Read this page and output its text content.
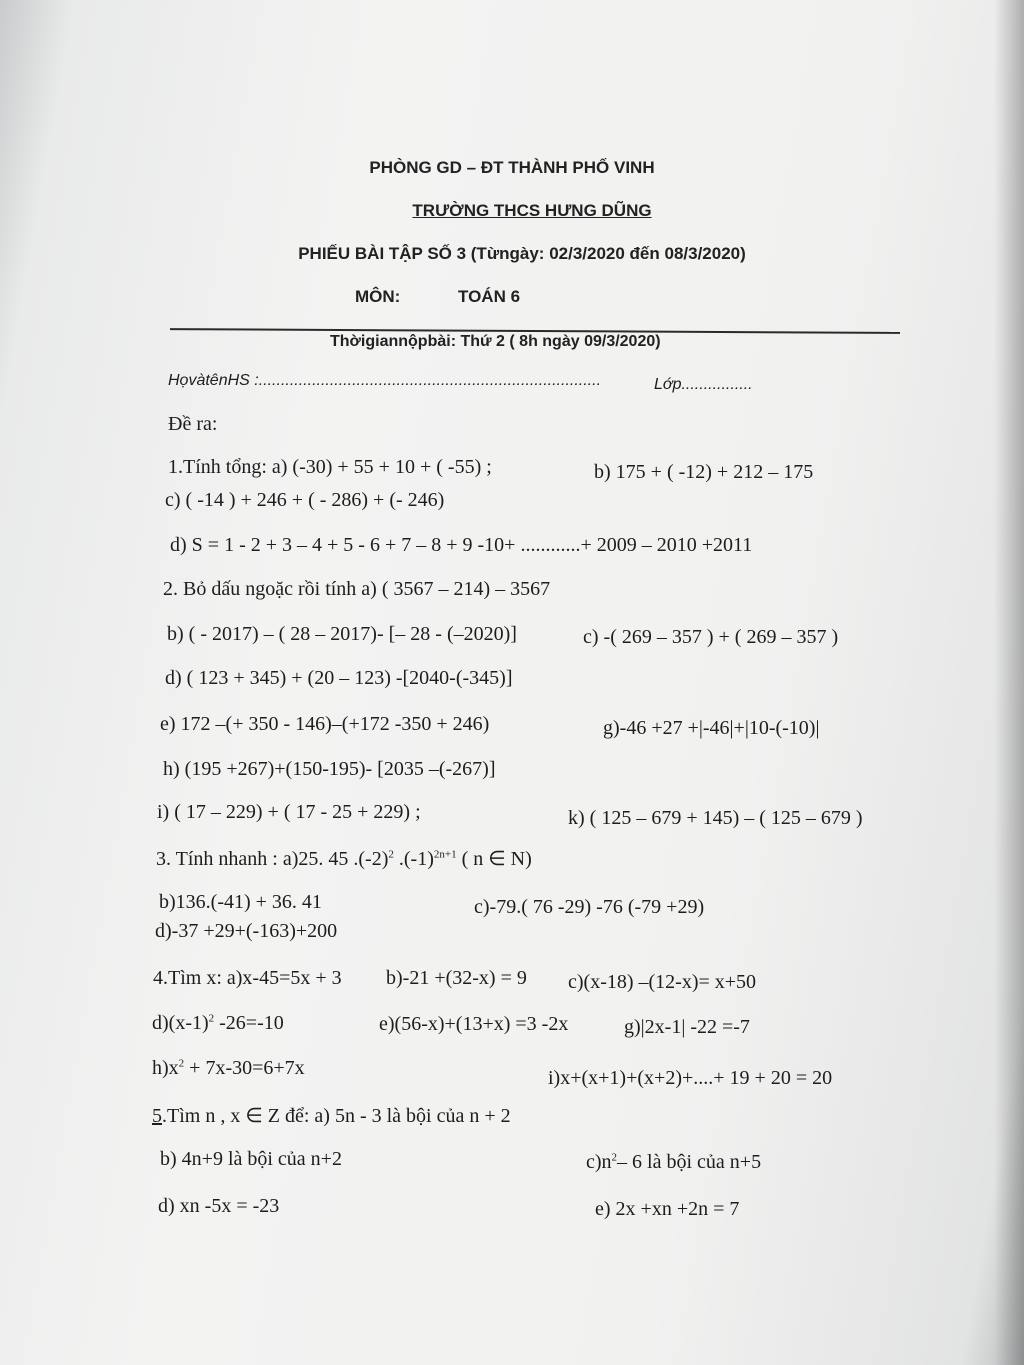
PHÒNG GD – ĐT THÀNH PHỐ VINH
TRƯỜNG THCS HƯNG DŨNG
PHIẾU BÀI TẬP SỐ 3 (Từngày: 02/3/2020 đến 08/3/2020)
MÔN:	TOÁN 6
Thờigiannộpbài: Thứ 2 ( 8h ngày 09/3/2020)
HọvàtênHS :.............................................................................	Lớp................
Đề ra:
1.Tính tổng: a) (-30) + 55 + 10 + ( -55) ;	b) 175 + ( -12) + 212 – 175
c) ( -14 ) + 246 + ( - 286) + (- 246)
d) S = 1 - 2 + 3 – 4 + 5 - 6 + 7 – 8 + 9 -10+ ............+ 2009 – 2010 +2011
2. Bỏ dấu ngoặc rồi tính a) ( 3567 – 214) – 3567
b) ( - 2017) – ( 28 – 2017)- [– 28 - (–2020)]	c) -( 269 – 357 ) + ( 269 – 357 )
d) ( 123 + 345) + (20 – 123) -[2040-(-345)]
e) 172 –(+ 350 - 146)–(+172 -350 + 246)	g)-46 +27 +|-46|+|10-(-10)|
h) (195 +267)+(150-195)- [2035 –(-267)]
i) ( 17 – 229) + ( 17 - 25 + 229) ;	k) ( 125 – 679 + 145) – ( 125 – 679 )
3. Tính nhanh : a)25. 45 $.(-2)^2$ $.(-1)^{2n+1}$ ( n ∈ N)
b)136.(-41) + 36. 41	c)-79.( 76 -29) -76 (-79 +29)
d)-37 +29+(-163)+200
4.Tìm x: a)x-45=5x + 3 b)-21 +(32-x) = 9 c)(x-18) –(12-x)= x+50
$d)(x-1)^2$ -26=-10	e)(56-x)+(13+x) =3 -2x	g)|2x-1| -22 =-7
$h)x^2 + 7x-30=6+7x$	i)x+(x+1)+(x+2)+....+ 19 + 20 = 20
5.Tìm n , x ∈ Z để: a) 5n - 3 là bội của n + 2
b) 4n+9 là bội của n+2	$c)n^2-$ 6 là bội của n+5
d) xn -5x = -23	e) 2x +xn +2n = 7
